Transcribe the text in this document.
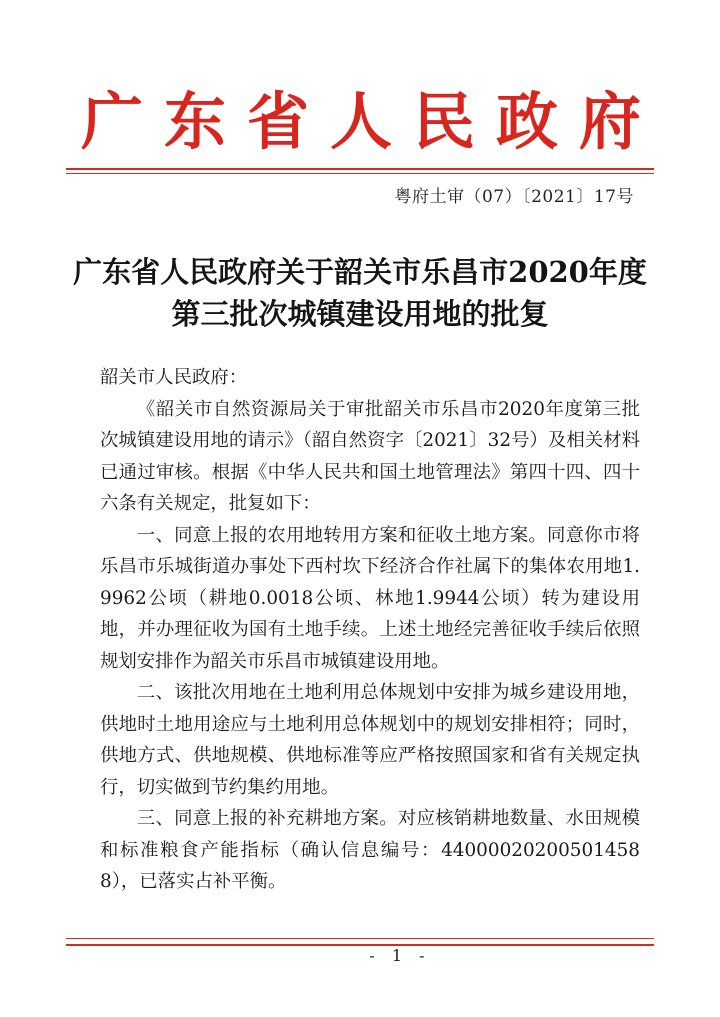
广东省人民政府
粤府土审（07）〔2021〕17号
广东省人民政府关于韶关市乐昌市2020年度
第三批次城镇建设用地的批复

韶关市人民政府：

《韶关市自然资源局关于审批韶关市乐昌市2020年度第三批次城镇建设用地的请示》（韶自然资字〔2021〕32号）及相关材料已通过审核。根据《中华人民共和国土地管理法》第四十四、四十六条有关规定，批复如下：

一、同意上报的农用地转用方案和征收土地方案。同意你市将乐昌市乐城街道办事处下西村坎下经济合作社属下的集体农用地1.9962公顷（耕地0.0018公顷、林地1.9944公顷）转为建设用地，并办理征收为国有土地手续。上述土地经完善征收手续后依照规划安排作为韶关市乐昌市城镇建设用地。

二、该批次用地在土地利用总体规划中安排为城乡建设用地，供地时土地用途应与土地利用总体规划中的规划安排相符；同时，供地方式、供地规模、供地标准等应严格按照国家和省有关规定执行，切实做到节约集约用地。

三、同意上报的补充耕地方案。对应核销耕地数量、水田规模和标准粮食产能指标（确认信息编号：440000202005014588），已落实占补平衡。

- 1 -
